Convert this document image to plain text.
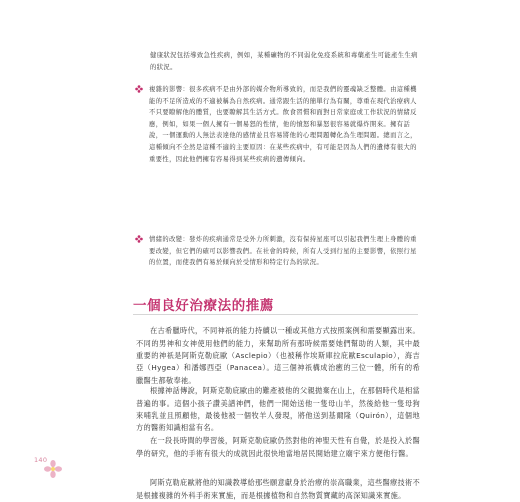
健康狀況包括導致急性疾病，例如，某種礦物的不同弱化免疫系統和毒藥產生可能產生生病的狀況。
複雜的影響：很多疾病不是由外部的媒介物所導致的，而是我們的靈魂缺乏整體。由這種機能的不足所造成的不適被稱為自然疾病。通常跟生活的簡單行為有關，尊重在現代治療病人不只要瞭解他的體質，也要瞭解其生活方式。飲食習慣和面對日常家庭或工作狀況的情緒反應，例如，如果一個人擁有一個易怒的性情，他的憤怒和暴怒很容易就爆炸開來。擁有話說，一個運動的人無法表達他的感情並且容易將他的心理問題轉化為生理問題。總而言之，這種傾向不全然是這種不適的主要原因：在某些疾病中，有可能是因為人們的遺傳有很大的重要性，因此他們擁有容易得到某些疾病的遺傳傾向。
情緒的改變：發炸的疾病通常是受外力所刺激，沒有保持星座可以引起我們生理上身體的重要改變，但它們的確可以影響我們。在社會的時候，所有人受到行星的主要影響，依照行星的位置，而使我們有易於傾向於受情形和特定行為的狀況。
一個良好治療法的推薦

在古希臘時代，不同神祇的能力持續以一種或其他方式按照案例和需要顯露出來。不同的男神和女神使用他們的能力，來幫助所有那時候需要她們幫助的人類，其中最重要的神祇是阿斯克勒庇歐（Asclepio）（也被稱作埃斯庫拉庇歐Esculapio），海吉亞（Hygea）和潘娜西亞（Panacea）。這三個神祇構成治癒的三位一體，所有的希臘醫生都敬奉祂。

根據神話傳說，阿斯克勒庇歐由的難產被他的父親拋棄在山上，在那個時代是相當普遍的事。這個小孩子讚美譜神們，他們一開始送他一隻母山羊，然後給他一隻母狗來哺乳並且照顧他，最後他被一個牧羊人發現，將他送到基爾隆（Quirón），這個地方的醫術知識相當有名。

在一段長時間的學習後，阿斯克勒庇歐仍然對他的神聖天性有自覺，於是投入於醫學的研究，他的手術有很大的成就因此很快地當地居民開始建立廟宇來方便他行醫。

阿斯克勒庇歐將他的知識教導給那些願意獻身於治療的崇高職業，這些醫療技術不是根據複雜的外科手術來實施，而是根據植物和自然物質寶藏的高深知識來實施。

140
